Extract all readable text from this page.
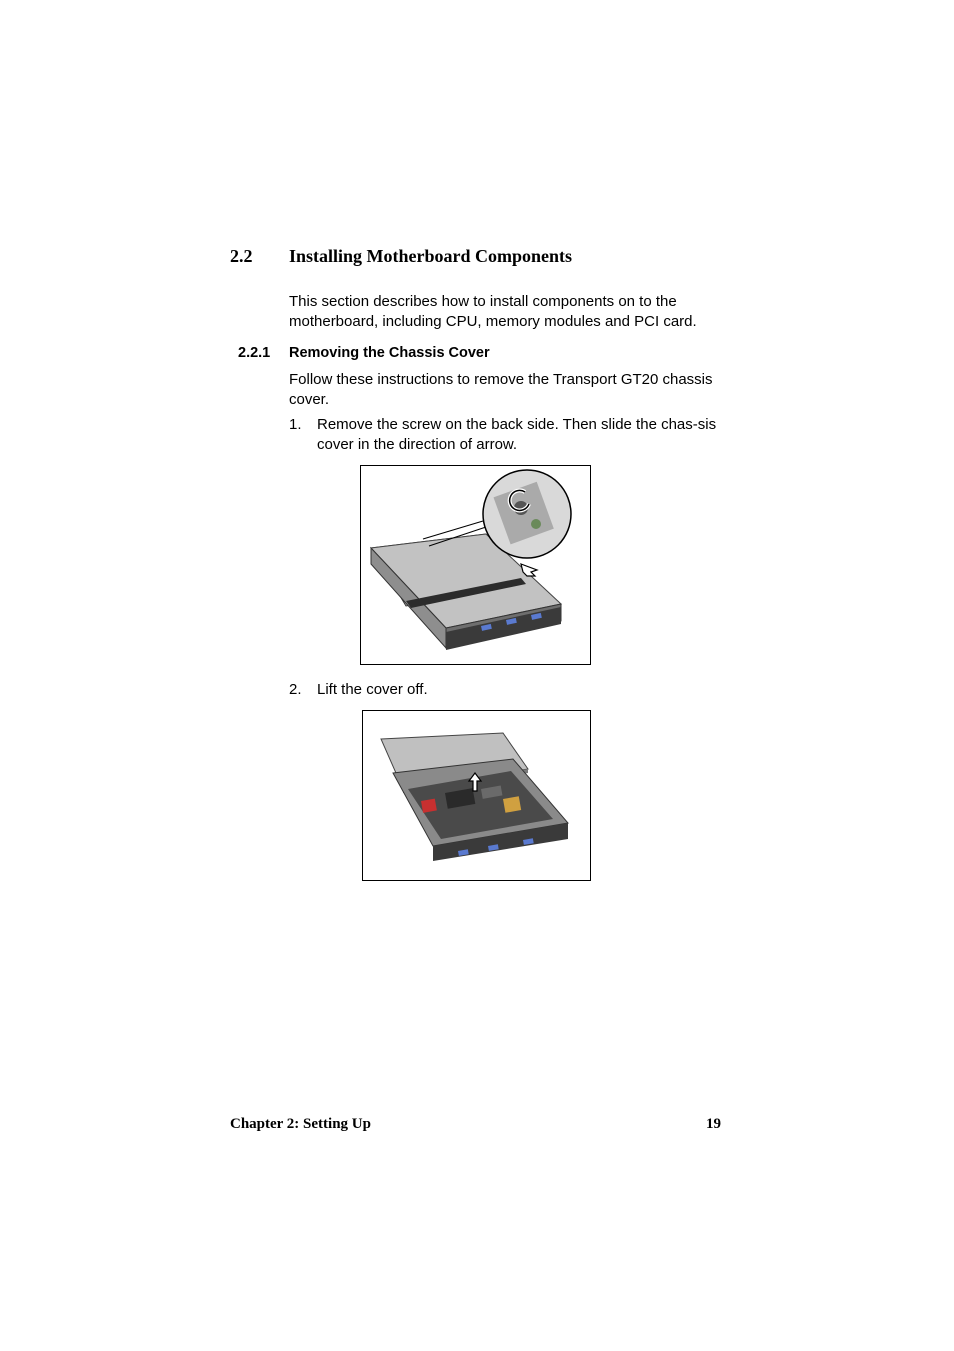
2.2 Installing Motherboard Components
This section describes how to install components on to the motherboard, including CPU, memory modules and PCI card.
2.2.1 Removing the Chassis Cover
Follow these instructions to remove the Transport GT20 chassis cover.
1.	Remove the screw on the back side. Then slide the chas-sis cover in the direction of arrow.
2.	Lift the cover off.
Chapter 2: Setting Up	19
